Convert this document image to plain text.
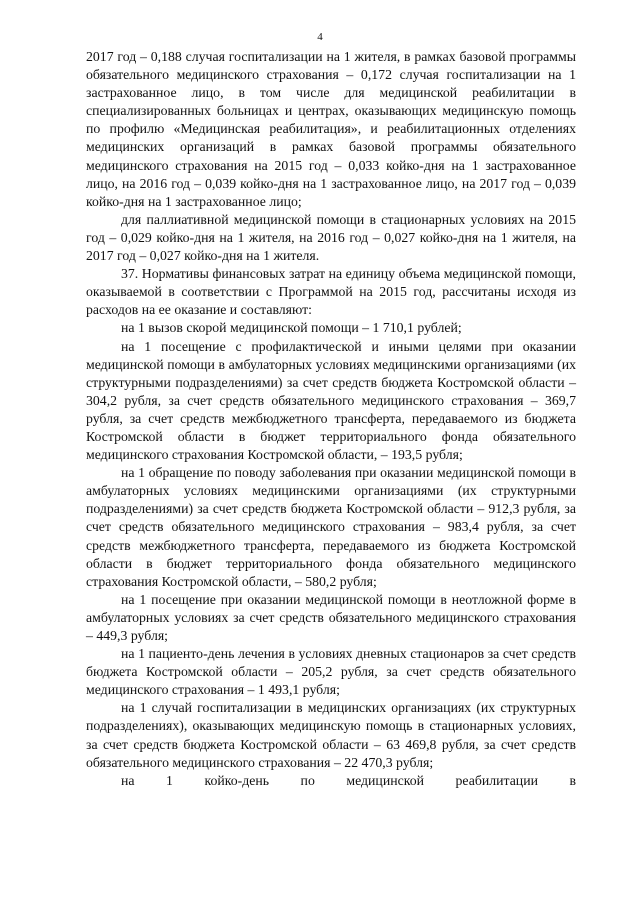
4

2017 год – 0,188 случая госпитализации на 1 жителя, в рамках базовой программы обязательного медицинского страхования – 0,172 случая госпитализации на 1 застрахованное лицо, в том числе для медицинской реабилитации в специализированных больницах и центрах, оказывающих медицинскую помощь по профилю «Медицинская реабилитация», и реабилитационных отделениях медицинских организаций в рамках базовой программы обязательного медицинского страхования на 2015 год – 0,033 койко-дня на 1 застрахованное лицо, на 2016 год – 0,039 койко-дня на 1 застрахованное лицо, на 2017 год – 0,039 койко-дня на 1 застрахованное лицо;

для паллиативной медицинской помощи в стационарных условиях на 2015 год – 0,029 койко-дня на 1 жителя, на 2016 год – 0,027 койко-дня на 1 жителя, на 2017 год – 0,027 койко-дня на 1 жителя.

37. Нормативы финансовых затрат на единицу объема медицинской помощи, оказываемой в соответствии с Программой на 2015 год, рассчитаны исходя из расходов на ее оказание и составляют:

на 1 вызов скорой медицинской помощи – 1 710,1 рублей;

на 1 посещение с профилактической и иными целями при оказании медицинской помощи в амбулаторных условиях медицинскими организациями (их структурными подразделениями) за счет средств бюджета Костромской области – 304,2 рубля, за счет средств обязательного медицинского страхования – 369,7 рубля, за счет средств межбюджетного трансферта, передаваемого из бюджета Костромской области в бюджет территориального фонда обязательного медицинского страхования Костромской области, – 193,5 рубля;

на 1 обращение по поводу заболевания при оказании медицинской помощи в амбулаторных условиях медицинскими организациями (их структурными подразделениями) за счет средств бюджета Костромской области – 912,3 рубля, за счет средств обязательного медицинского страхования – 983,4 рубля, за счет средств межбюджетного трансферта, передаваемого из бюджета Костромской области в бюджет территориального фонда обязательного медицинского страхования Костромской области, – 580,2 рубля;

на 1 посещение при оказании медицинской помощи в неотложной форме в амбулаторных условиях за счет средств обязательного медицинского страхования – 449,3 рубля;

на 1 пациенто-день лечения в условиях дневных стационаров за счет средств бюджета Костромской области – 205,2 рубля, за счет средств обязательного медицинского страхования – 1 493,1 рубля;

на 1 случай госпитализации в медицинских организациях (их структурных подразделениях), оказывающих медицинскую помощь в стационарных условиях, за счет средств бюджета Костромской области – 63 469,8 рубля, за счет средств обязательного медицинского страхования – 22 470,3 рубля;

на 1 койко-день по медицинской реабилитации в
